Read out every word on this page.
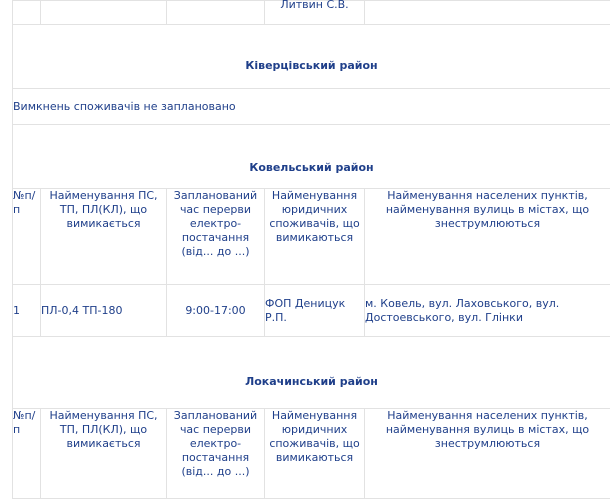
			Литвин С.В.	
Ківерцівський район				
Вимкнень споживачів не заплановано				
Ковельський район				
№п/п	Найменування ПС, ТП, ПЛ(КЛ), що вимикається	Запланований час перерви електро-постачання (від... до ...)	Найменування юридичних споживачів, що вимикаються	Найменування населених пунктів, найменування вулиць в містах, що знеструмлюються
1	ПЛ-0,4 ТП-180	9:00-17:00	ФОП Деницук Р.П.	м. Ковель, вул. Лаховського, вул. Достоевського, вул. Глінки
Локачинський район				
№п/п	Найменування ПС, ТП, ПЛ(КЛ), що вимикається	Запланований час перерви електро-постачання (від... до ...)	Найменування юридичних споживачів, що вимикаються	Найменування населених пунктів, найменування вулиць в містах, що знеструмлюються
